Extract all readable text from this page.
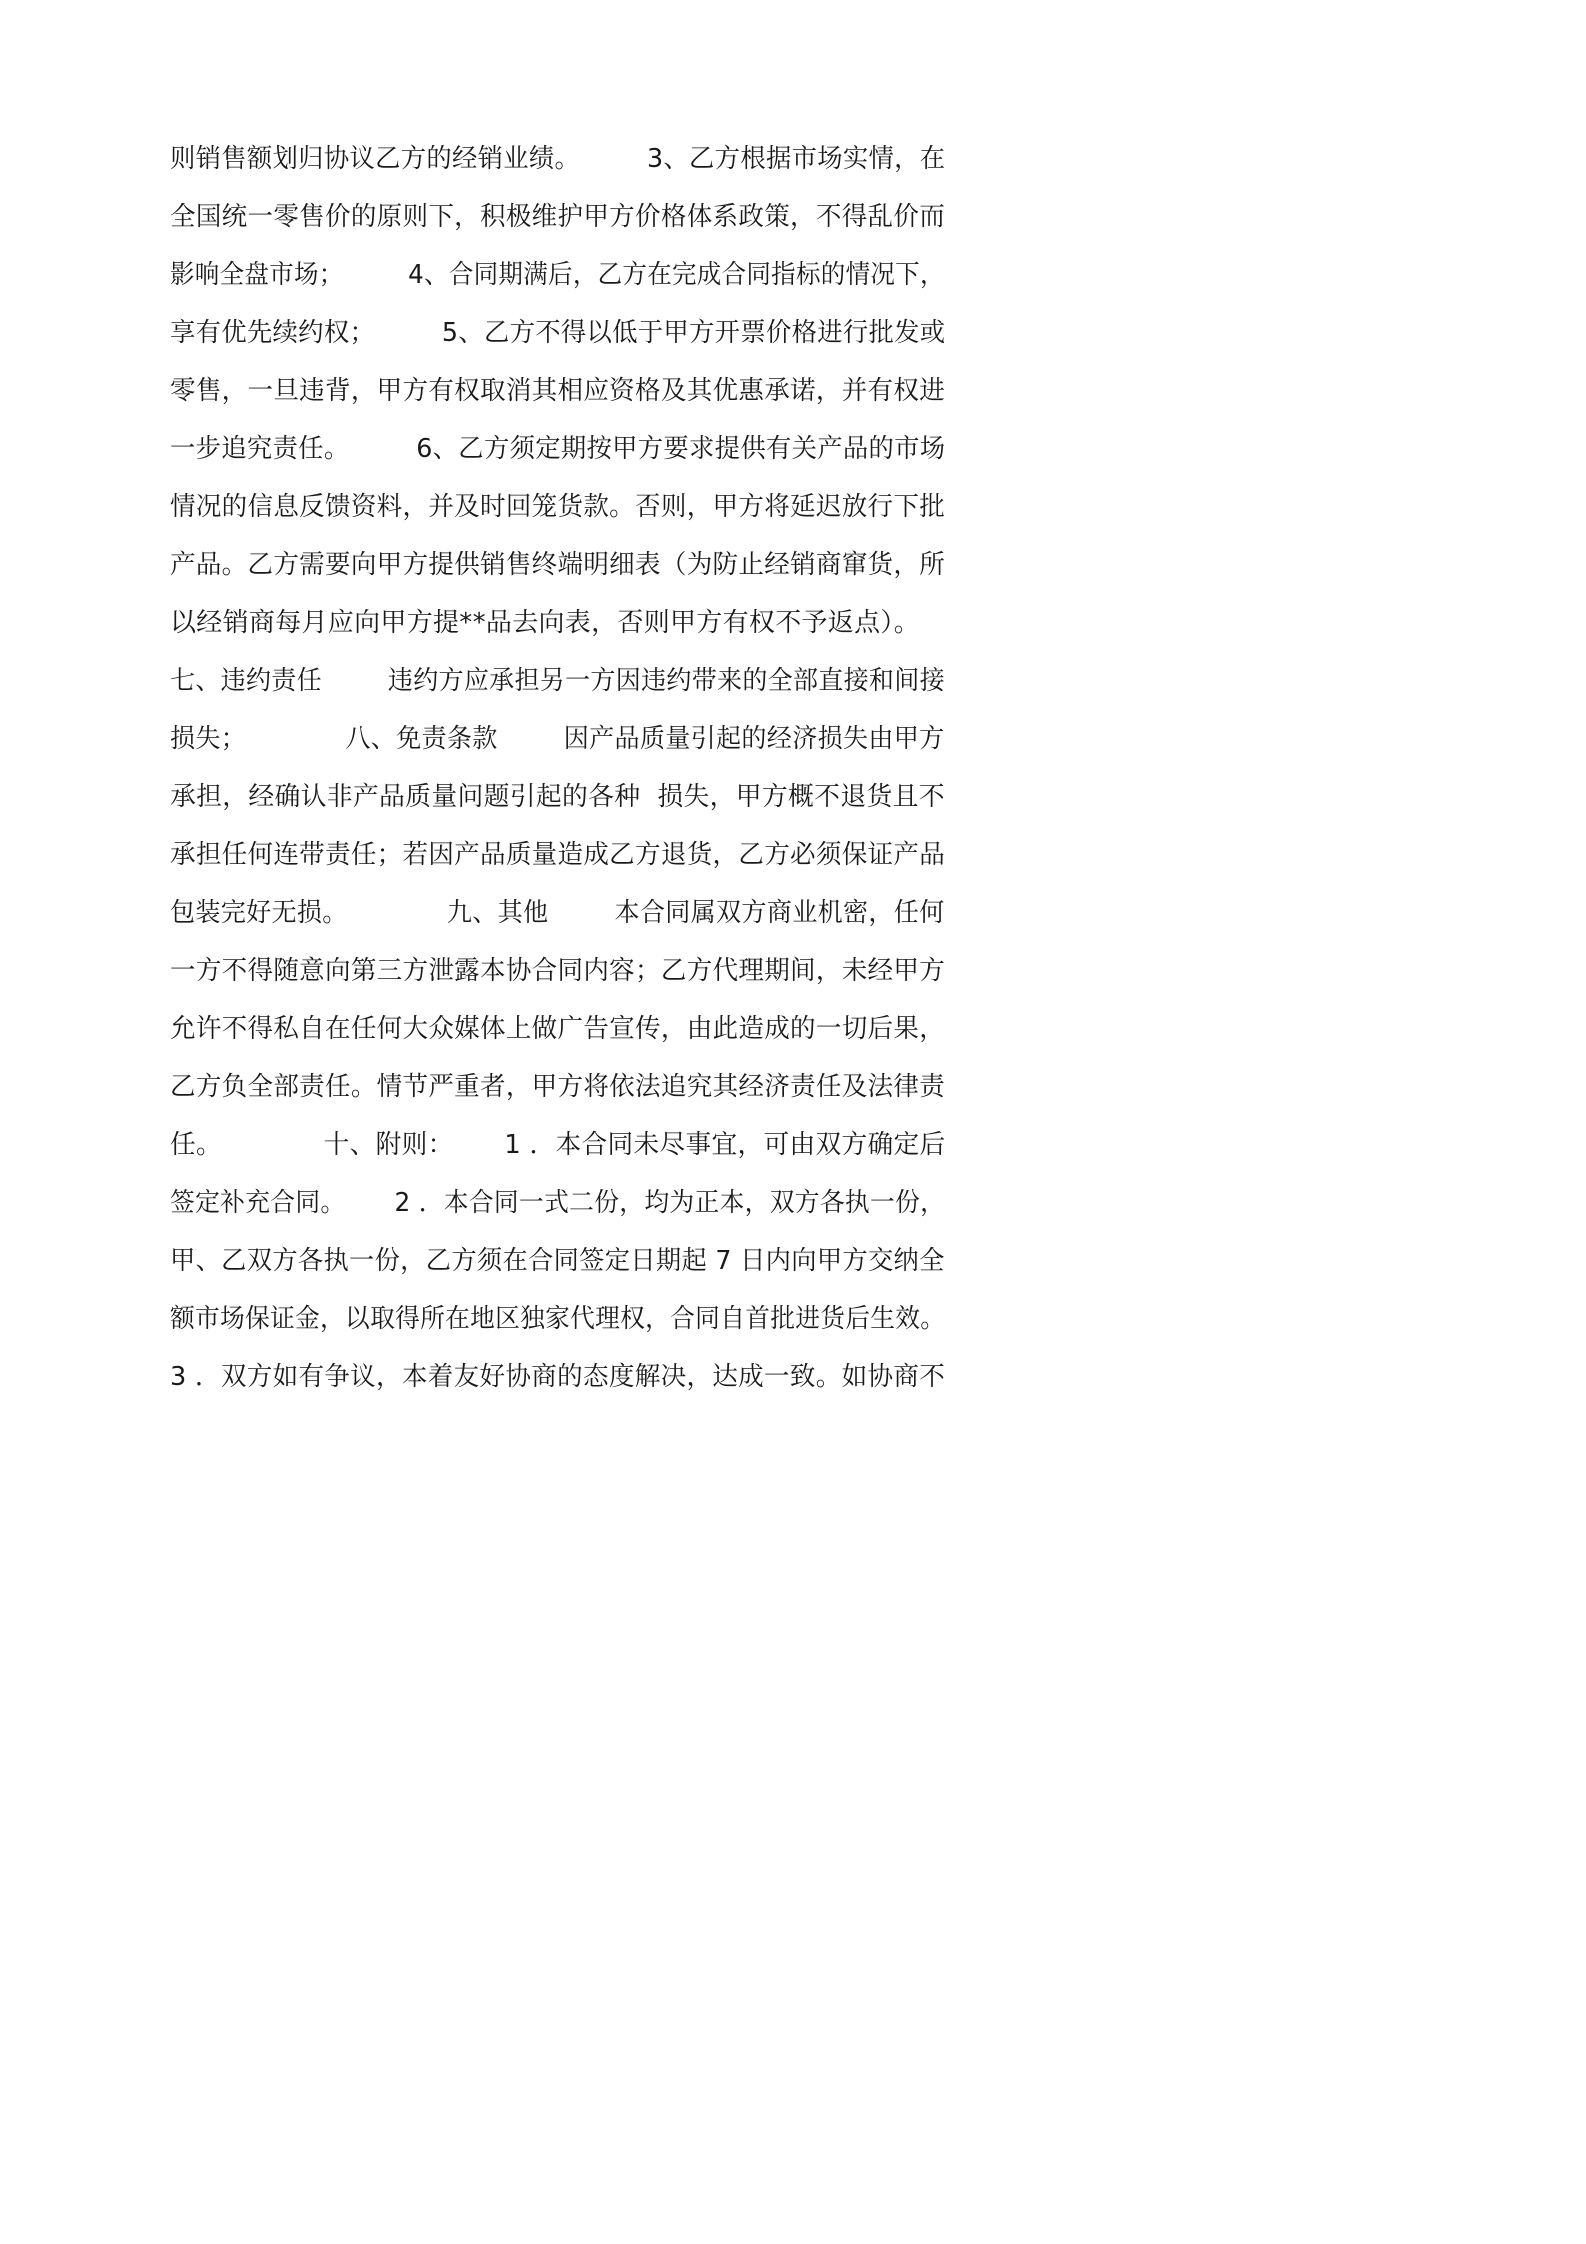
则销售额划归协议乙方的经销业绩。        3、乙方根据市场实情，在

全国统一零售价的原则下，积极维护甲方价格体系政策，不得乱价而

影响全盘市场；        4、合同期满后，乙方在完成合同指标的情况下，

享有优先续约权；        5、乙方不得以低于甲方开票价格进行批发或

零售，一旦违背，甲方有权取消其相应资格及其优惠承诺，并有权进

一步追究责任。        6、乙方须定期按甲方要求提供有关产品的市场

情况的信息反馈资料，并及时回笼货款。否则，甲方将延迟放行下批

产品。乙方需要向甲方提供销售终端明细表（为防止经销商窜货，所

以经销商每月应向甲方提**品去向表，否则甲方有权不予返点）。

七、违约责任        违约方应承担另一方因违约带来的全部直接和间接

损失；            八、免责条款        因产品质量引起的经济损失由甲方

承担，经确认非产品质量问题引起的各种  损失，甲方概不退货且不

承担任何连带责任；若因产品质量造成乙方退货，乙方必须保证产品

包装完好无损。            九、其他        本合同属双方商业机密，任何

一方不得随意向第三方泄露本协合同内容；乙方代理期间，未经甲方

允许不得私自在任何大众媒体上做广告宣传，由此造成的一切后果，

乙方负全部责任。情节严重者，甲方将依法追究其经济责任及法律责

任。            十、附则：      1 ．本合同未尽事宜，可由双方确定后

签定补充合同。      2 ．本合同一式二份，均为正本，双方各执一份，

甲、乙双方各执一份，乙方须在合同签定日期起 7 日内向甲方交纳全

额市场保证金，以取得所在地区独家代理权，合同自首批进货后生效。

3 ．双方如有争议，本着友好协商的态度解决，达成一致。如协商不
